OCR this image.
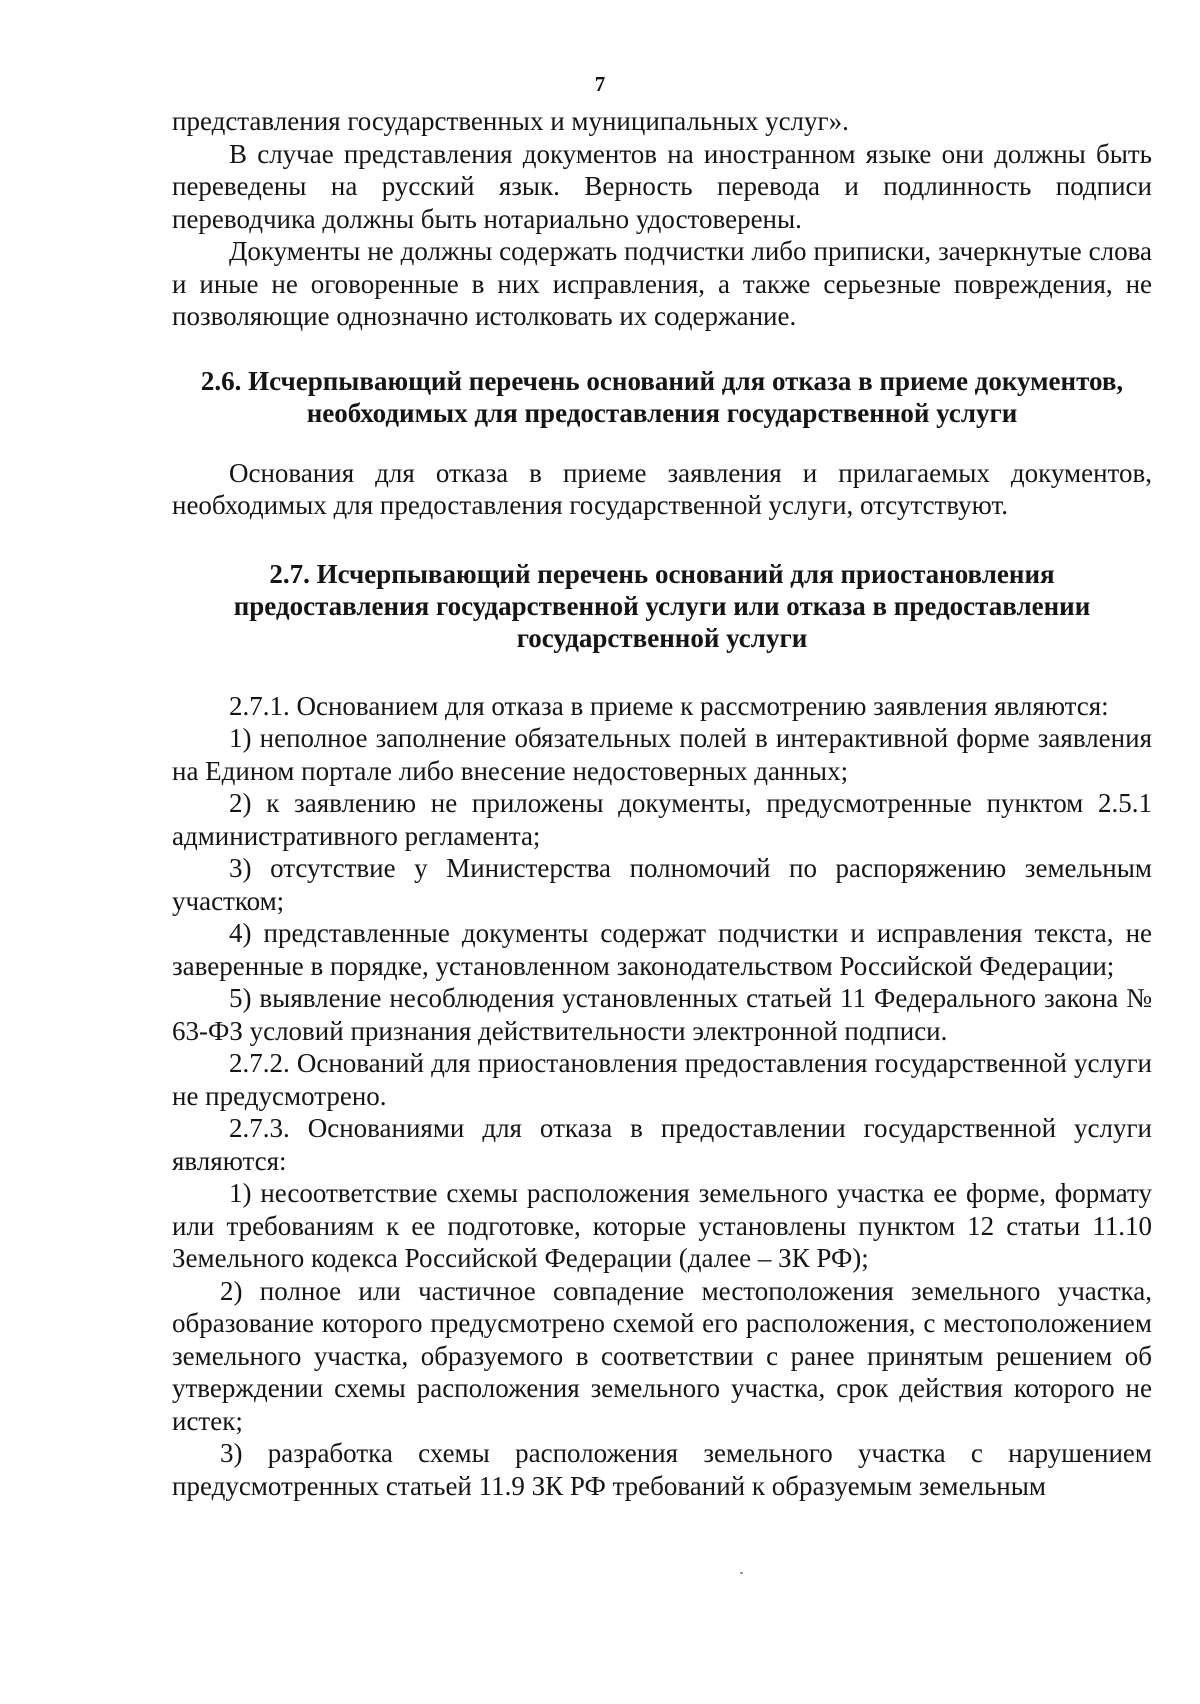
7

представления государственных и муниципальных услуг».

В случае представления документов на иностранном языке они должны быть переведены на русский язык. Верность перевода и подлинность подписи переводчика должны быть нотариально удостоверены.

Документы не должны содержать подчистки либо приписки, зачеркнутые слова и иные не оговоренные в них исправления, а также серьезные повреждения, не позволяющие однозначно истолковать их содержание.

2.6. Исчерпывающий перечень оснований для отказа в приеме документов, необходимых для предоставления государственной услуги

Основания для отказа в приеме заявления и прилагаемых документов, необходимых для предоставления государственной услуги, отсутствуют.

2.7. Исчерпывающий перечень оснований для приостановления предоставления государственной услуги или отказа в предоставлении государственной услуги

2.7.1. Основанием для отказа в приеме к рассмотрению заявления являются:

1) неполное заполнение обязательных полей в интерактивной форме заявления на Едином портале либо внесение недостоверных данных;

2) к заявлению не приложены документы, предусмотренные пунктом 2.5.1 административного регламента;

3) отсутствие у Министерства полномочий по распоряжению земельным участком;

4) представленные документы содержат подчистки и исправления текста, не заверенные в порядке, установленном законодательством Российской Федерации;

5) выявление несоблюдения установленных статьей 11 Федерального закона № 63-ФЗ условий признания действительности электронной подписи.

2.7.2. Оснований для приостановления предоставления государственной услуги не предусмотрено.

2.7.3. Основаниями для отказа в предоставлении государственной услуги являются:

1) несоответствие схемы расположения земельного участка ее форме, формату или требованиям к ее подготовке, которые установлены пунктом 12 статьи 11.10 Земельного кодекса Российской Федерации (далее – ЗК РФ);

2) полное или частичное совпадение местоположения земельного участка, образование которого предусмотрено схемой его расположения, с местоположением земельного участка, образуемого в соответствии с ранее принятым решением об утверждении схемы расположения земельного участка, срок действия которого не истек;

3) разработка схемы расположения земельного участка с нарушением предусмотренных статьей 11.9 ЗК РФ требований к образуемым земельным
